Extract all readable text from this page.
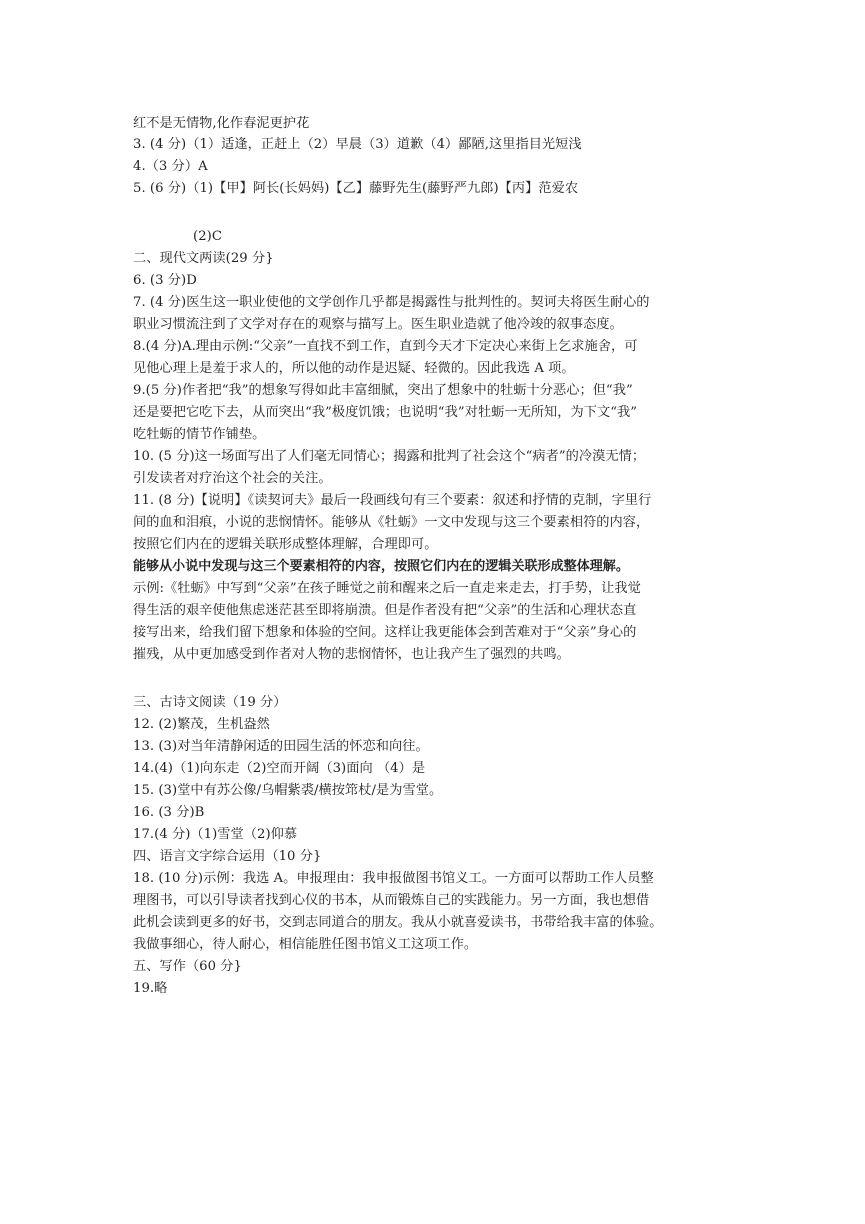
红不是无情物,化作春泥更护花
3. (4 分)（1）适逢，正赶上（2）早晨（3）道歉（4）鄙陋,这里指目光短浅
4.（3 分）A
5. (6 分)（1)【甲】阿长(长妈妈)【乙】藤野先生(藤野严九郎)【丙】范爱农
(2)C
二、现代文两读(29 分}
6. (3 分)D
7. (4 分)医生这一职业使他的文学创作几乎都是揭露性与批判性的。契诃夫将医生耐心的
职业习惯流注到了文学对存在的观察与描写上。医生职业造就了他冷竣的叙事态度。
8.(4 分)A.理由示例:“父亲”一直找不到工作，直到今天才下定决心来街上乞求施舍，可
见他心理上是羞于求人的，所以他的动作是迟疑、轻微的。因此我选 A 项。
9.(5 分)作者把“我”的想象写得如此丰富细腻，突出了想象中的牡蛎十分恶心；但“我”
还是要把它吃下去，从而突出“我”极度饥饿；也说明“我”对牡蛎一无所知，为下文“我”
吃牡蛎的情节作铺垫。
10. (5 分)这一场面写出了人们毫无同情心；揭露和批判了社会这个“病者”的冷漠无情；
引发读者对疗治这个社会的关注。
11. (8 分)【说明】《读契诃夫》最后一段画线句有三个要素：叙述和抒情的克制，字里行
间的血和泪痕，小说的悲悯情怀。能够从《牡蛎》一文中发现与这三个要素相符的内容，
按照它们内在的逻辑关联形成整体理解，合理即可。
能够从小说中发现与这三个要素相符的内容，按照它们内在的逻辑关联形成整体理解。
示例:《牡蛎》中写到“父亲”在孩子睡觉之前和醒来之后一直走来走去，打手势，让我觉
得生活的艰辛使他焦虑迷茫甚至即将崩溃。但是作者没有把“父亲”的生活和心理状态直
接写出来，给我们留下想象和体验的空间。这样让我更能体会到苦难对于“父亲”身心的
摧残，从中更加感受到作者对人物的悲悯情怀，也让我产生了强烈的共鸣。
三、古诗文阅读（19 分）
12. (2)繁茂，生机盎然
13. (3)对当年清静闲适的田园生活的怀恋和向往。
14.(4)（1)向东走（2)空而开阔（3)面向 （4）是
15. (3)堂中有苏公像/乌帽紫裘/横按筇杖/是为雪堂。
16. (3 分)B
17.(4 分)（1)雪堂（2)仰慕
四、语言文字综合运用（10 分}
18. (10 分)示例：我选 A。申报理由：我申报做图书馆义工。一方面可以帮助工作人员整
理图书，可以引导读者找到心仪的书本，从而锻炼自己的实践能力。另一方面，我也想借
此机会读到更多的好书，交到志同道合的朋友。我从小就喜爱读书，书带给我丰富的体验。
我做事细心，待人耐心，相信能胜任图书馆义工这项工作。
五、写作（60 分}
19.略
